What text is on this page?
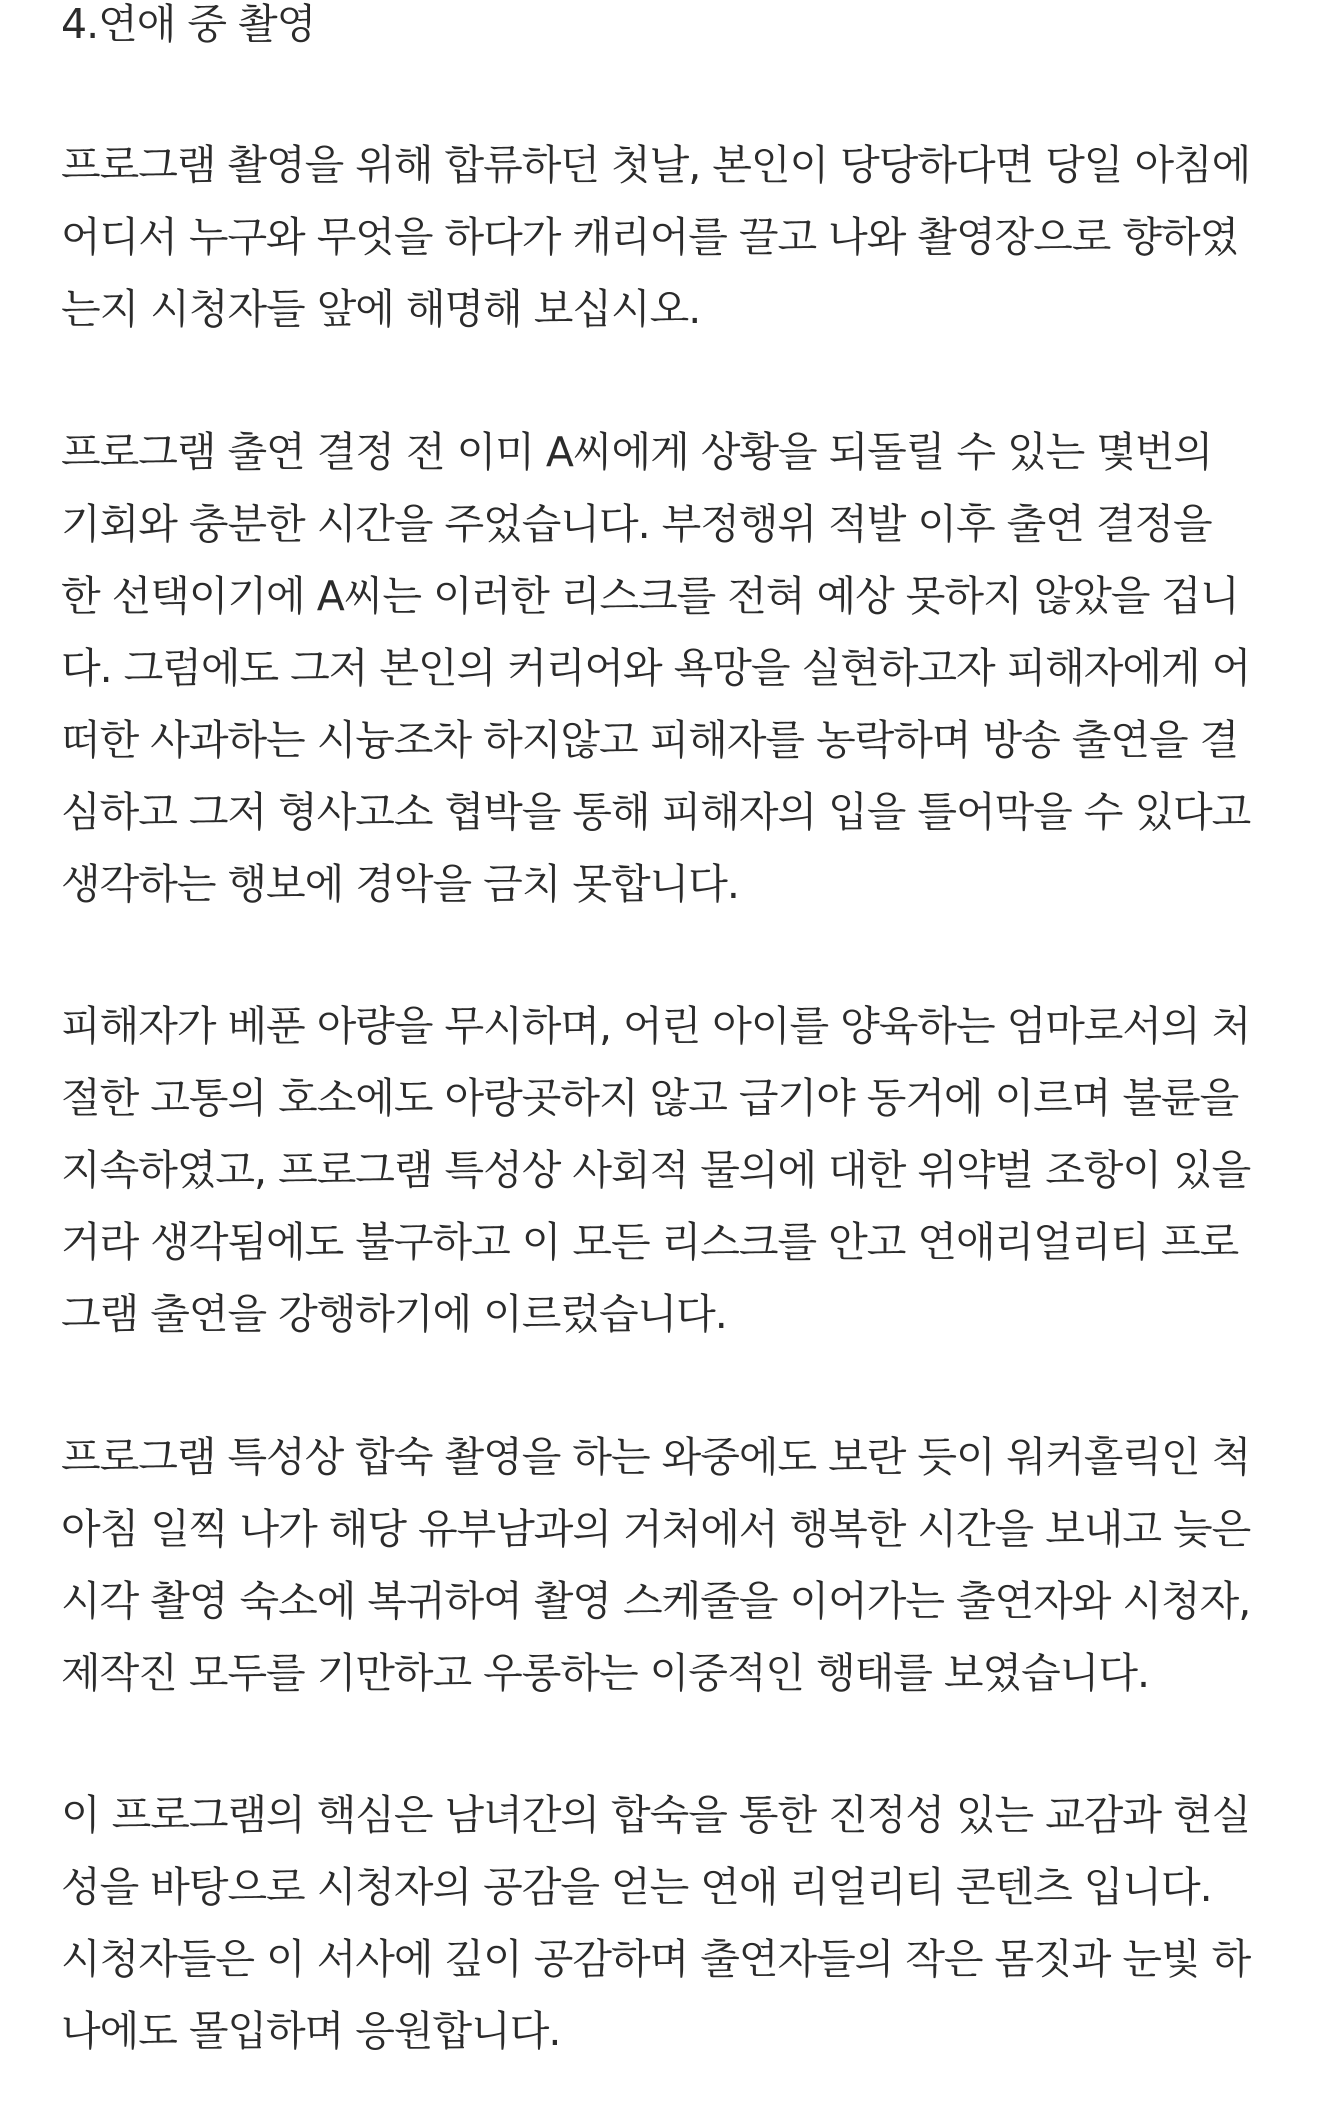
4.연애 중 촬영
프로그램 촬영을 위해 합류하던 첫날, 본인이 당당하다면 당일 아침에
어디서 누구와 무엇을 하다가 캐리어를 끌고 나와 촬영장으로 향하였
는지 시청자들 앞에 해명해 보십시오.
프로그램 출연 결정 전 이미 A씨에게 상황을 되돌릴 수 있는 몇번의
기회와 충분한 시간을 주었습니다. 부정행위 적발 이후 출연 결정을
한 선택이기에 A씨는 이러한 리스크를 전혀 예상 못하지 않았을 겁니
다. 그럼에도 그저 본인의 커리어와 욕망을 실현하고자 피해자에게 어
떠한 사과하는 시늉조차 하지않고 피해자를 농락하며 방송 출연을 결
심하고 그저 형사고소 협박을 통해 피해자의 입을 틀어막을 수 있다고
생각하는 행보에 경악을 금치 못합니다.
피해자가 베푼 아량을 무시하며, 어린 아이를 양육하는 엄마로서의 처
절한 고통의 호소에도 아랑곳하지 않고 급기야 동거에 이르며 불륜을
지속하였고, 프로그램 특성상 사회적 물의에 대한 위약벌 조항이 있을
거라 생각됨에도 불구하고 이 모든 리스크를 안고 연애리얼리티 프로
그램 출연을 강행하기에 이르렀습니다.
프로그램 특성상 합숙 촬영을 하는 와중에도 보란 듯이 워커홀릭인 척
아침 일찍 나가 해당 유부남과의 거처에서 행복한 시간을 보내고 늦은
시각 촬영 숙소에 복귀하여 촬영 스케줄을 이어가는 출연자와 시청자,
제작진 모두를 기만하고 우롱하는 이중적인 행태를 보였습니다.
이 프로그램의 핵심은 남녀간의 합숙을 통한 진정성 있는 교감과 현실
성을 바탕으로 시청자의 공감을 얻는 연애 리얼리티 콘텐츠 입니다.
시청자들은 이 서사에 깊이 공감하며 출연자들의 작은 몸짓과 눈빛 하
나에도 몰입하며 응원합니다.
